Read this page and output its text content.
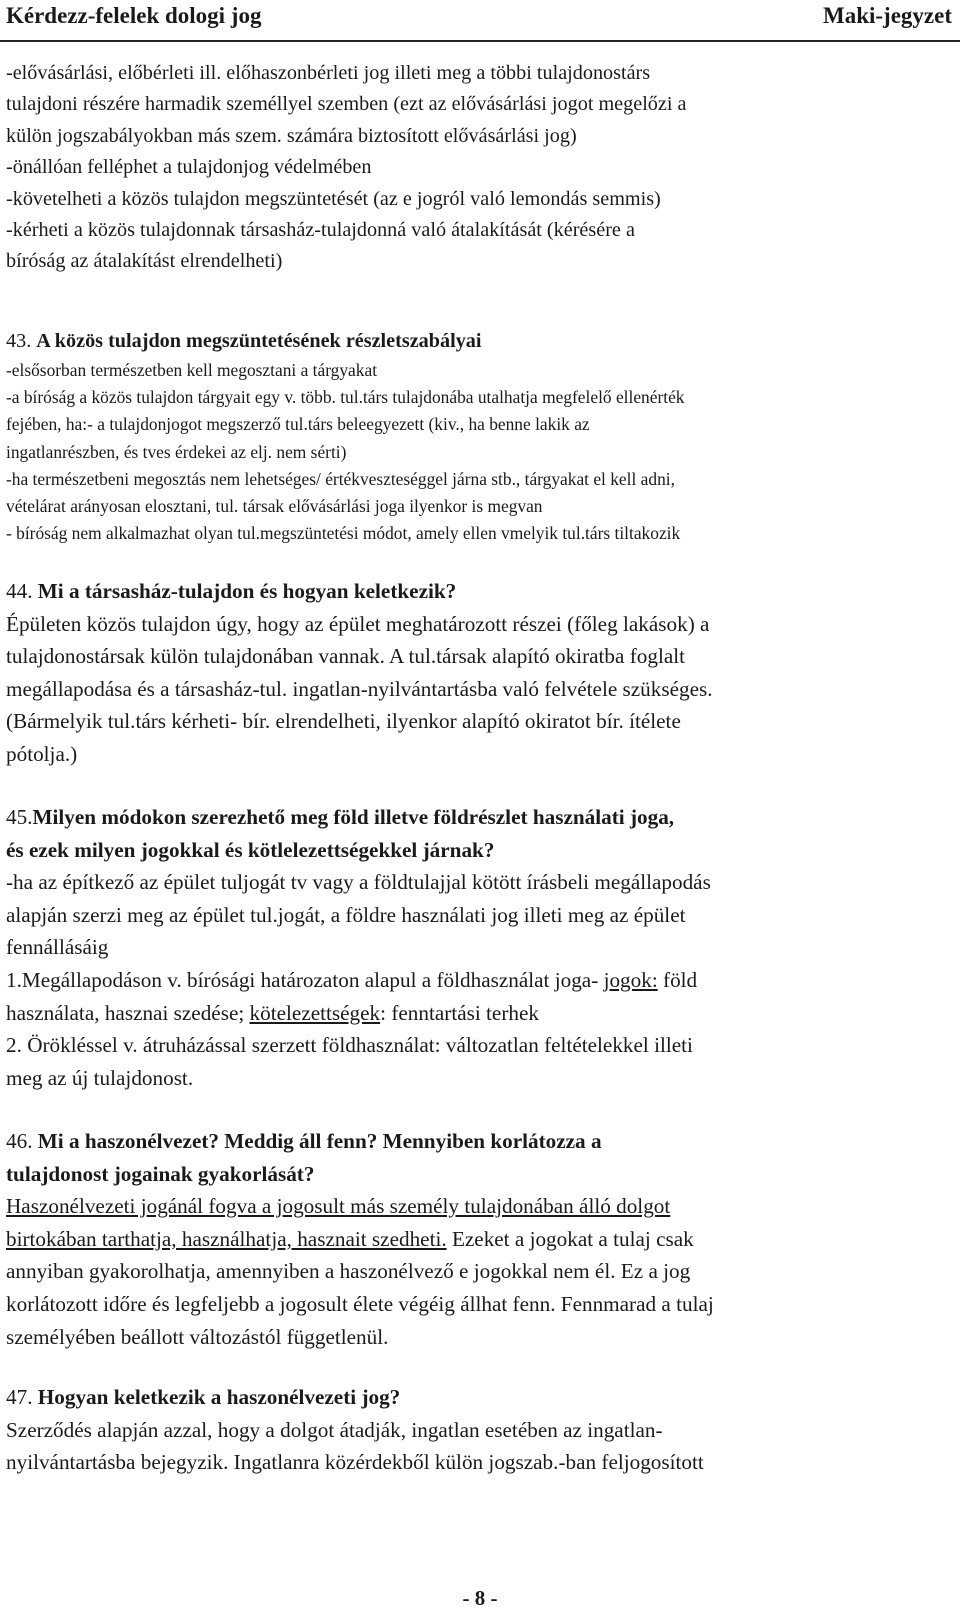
Kérdezz-felelek dologi jog	Maki-jegyzet
-elővásárlási, előbérleti ill. előhaszonbérleti jog illeti meg a többi tulajdonostárs
tulajdoni részére harmadik személlyel szemben (ezt az elővásárlási jogot megelőzi a
külön jogszabályokban más szem. számára biztosított elővásárlási jog)
-önállóan felléphet a tulajdonjog védelmében
-követelheti a közös tulajdon megszüntetését (az e jogról való lemondás semmis)
-kérheti a közös tulajdonnak társasház-tulajdonná való átalakítását (kérésére a
bíróság az átalakítást elrendelheti)
43. A közös tulajdon megszüntetésének részletszabályai
-elsősorban természetben kell megosztani a tárgyakat
-a bíróság a közös tulajdon tárgyait egy v. több. tul.társ tulajdonába utalhatja megfelelő ellenérték
fejében, ha:- a tulajdonjogot megszerző tul.társ beleegyezett (kiv., ha benne lakik az
ingatlanrészben, és tves érdekei az elj. nem sérti)
-ha természetbeni megosztás nem lehetséges/ értékveszteséggel járna stb., tárgyakat el kell adni,
vételárat arányosan elosztani, tul. társak elővásárlási joga ilyenkor is megvan
- bíróság nem alkalmazhat olyan tul.megszüntetési módot, amely ellen vmelyik tul.társ tiltakozik
44. Mi a társasház-tulajdon és hogyan keletkezik?
Épületen közös tulajdon úgy, hogy az épület meghatározott részei (főleg lakások) a
tulajdonostársak külön tulajdonában vannak. A tul.társak alapító okiratba foglalt
megállapodása és a társasház-tul. ingatlan-nyilvántartásba való felvétele szükséges.
(Bármelyik tul.társ kérheti- bír. elrendelheti, ilyenkor alapító okiratot bír. ítélete
pótolja.)
45.Milyen módokon szerezhető meg föld illetve földrészlet használati joga,
és ezek milyen jogokkal és kötlelezettségekkel járnak?
-ha az építkező az épület tuljogát tv vagy a földtulajjal kötött írásbeli megállapodás
alapján szerzi meg az épület tul.jogát, a földre használati jog illeti meg az épület
fennállásáig
1.Megállapodáson v. bírósági határozaton alapul a földhasználat joga- jogok: föld
használata, hasznai szedése; kötelezettségek: fenntartási terhek
2. Örökléssel v. átruházással szerzett földhasználat: változatlan feltételekkel illeti
meg az új tulajdonost.
46. Mi a haszonélvezet? Meddig áll fenn? Mennyiben korlátozza a
tulajdonost jogainak gyakorlását?
Haszonélvezeti jogánál fogva a jogosult más személy tulajdonában álló dolgot
birtokában tarthatja, használhatja, hasznait szedheti. Ezeket a jogokat a tulaj csak
annyiban gyakorolhatja, amennyiben a haszonélvező e jogokkal nem él. Ez a jog
korlátozott időre és legfeljebb a jogosult élete végéig állhat fenn. Fennmarad a tulaj
személyében beállott változástól függetlenül.
47. Hogyan keletkezik a haszonélvezeti jog?
Szerződés alapján azzal, hogy a dolgot átadják, ingatlan esetében az ingatlan-
nyilvántartásba bejegyzik. Ingatlanra közérdekből külön jogszab.-ban feljogosított
- 8 -
